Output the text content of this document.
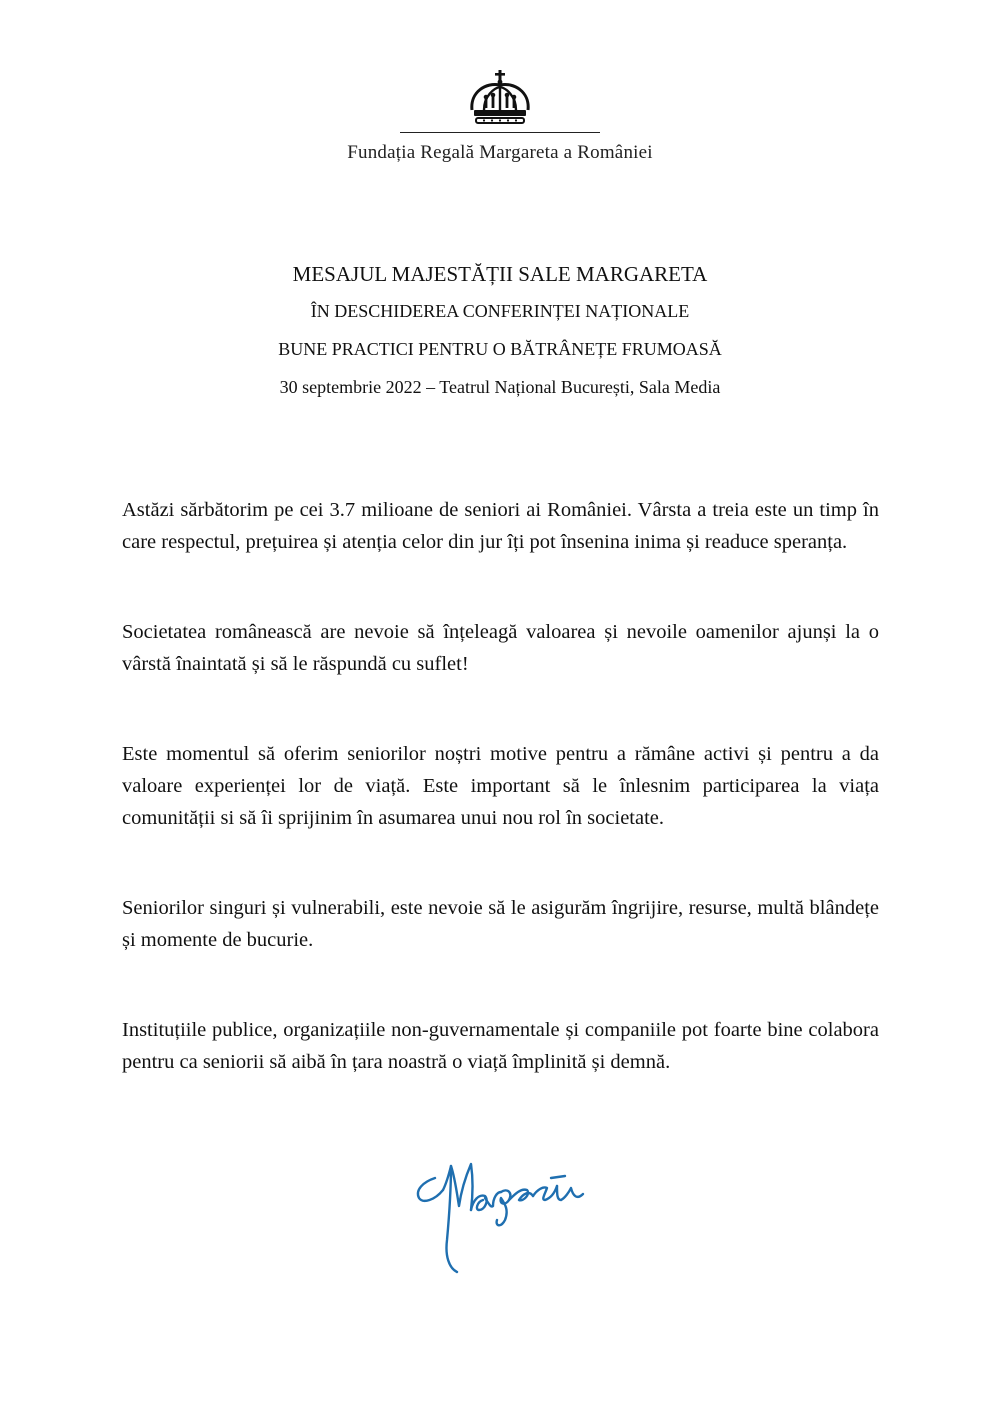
Fundația Regală Margareta a României
MESAJUL MAJESTĂȚII SALE MARGARETA
ÎN DESCHIDEREA CONFERINȚEI NAȚIONALE
BUNE PRACTICI PENTRU O BĂTRÂNEȚE FRUMOASĂ
30 septembrie 2022 – Teatrul Național București, Sala Media

Astăzi sărbătorim pe cei 3.7 milioane de seniori ai României. Vârsta a treia este un timp în care respectul, prețuirea și atenția celor din jur îți pot însenina inima și readuce speranța.

Societatea românească are nevoie să înțeleagă valoarea și nevoile oamenilor ajunși la o vârstă înaintată și să le răspundă cu suflet!

Este momentul să oferim seniorilor noștri motive pentru a rămâne activi și pentru a da valoare experienței lor de viață. Este important să le înlesnim participarea la viața comunității si să îi sprijinim în asumarea unui nou rol în societate.

Seniorilor singuri și vulnerabili, este nevoie să le asigurăm îngrijire, resurse, multă blândețe și momente de bucurie.

Instituțiile publice, organizațiile non-guvernamentale și companiile pot foarte bine colabora pentru ca seniorii să aibă în țara noastră o viață împlinită și demnă.
